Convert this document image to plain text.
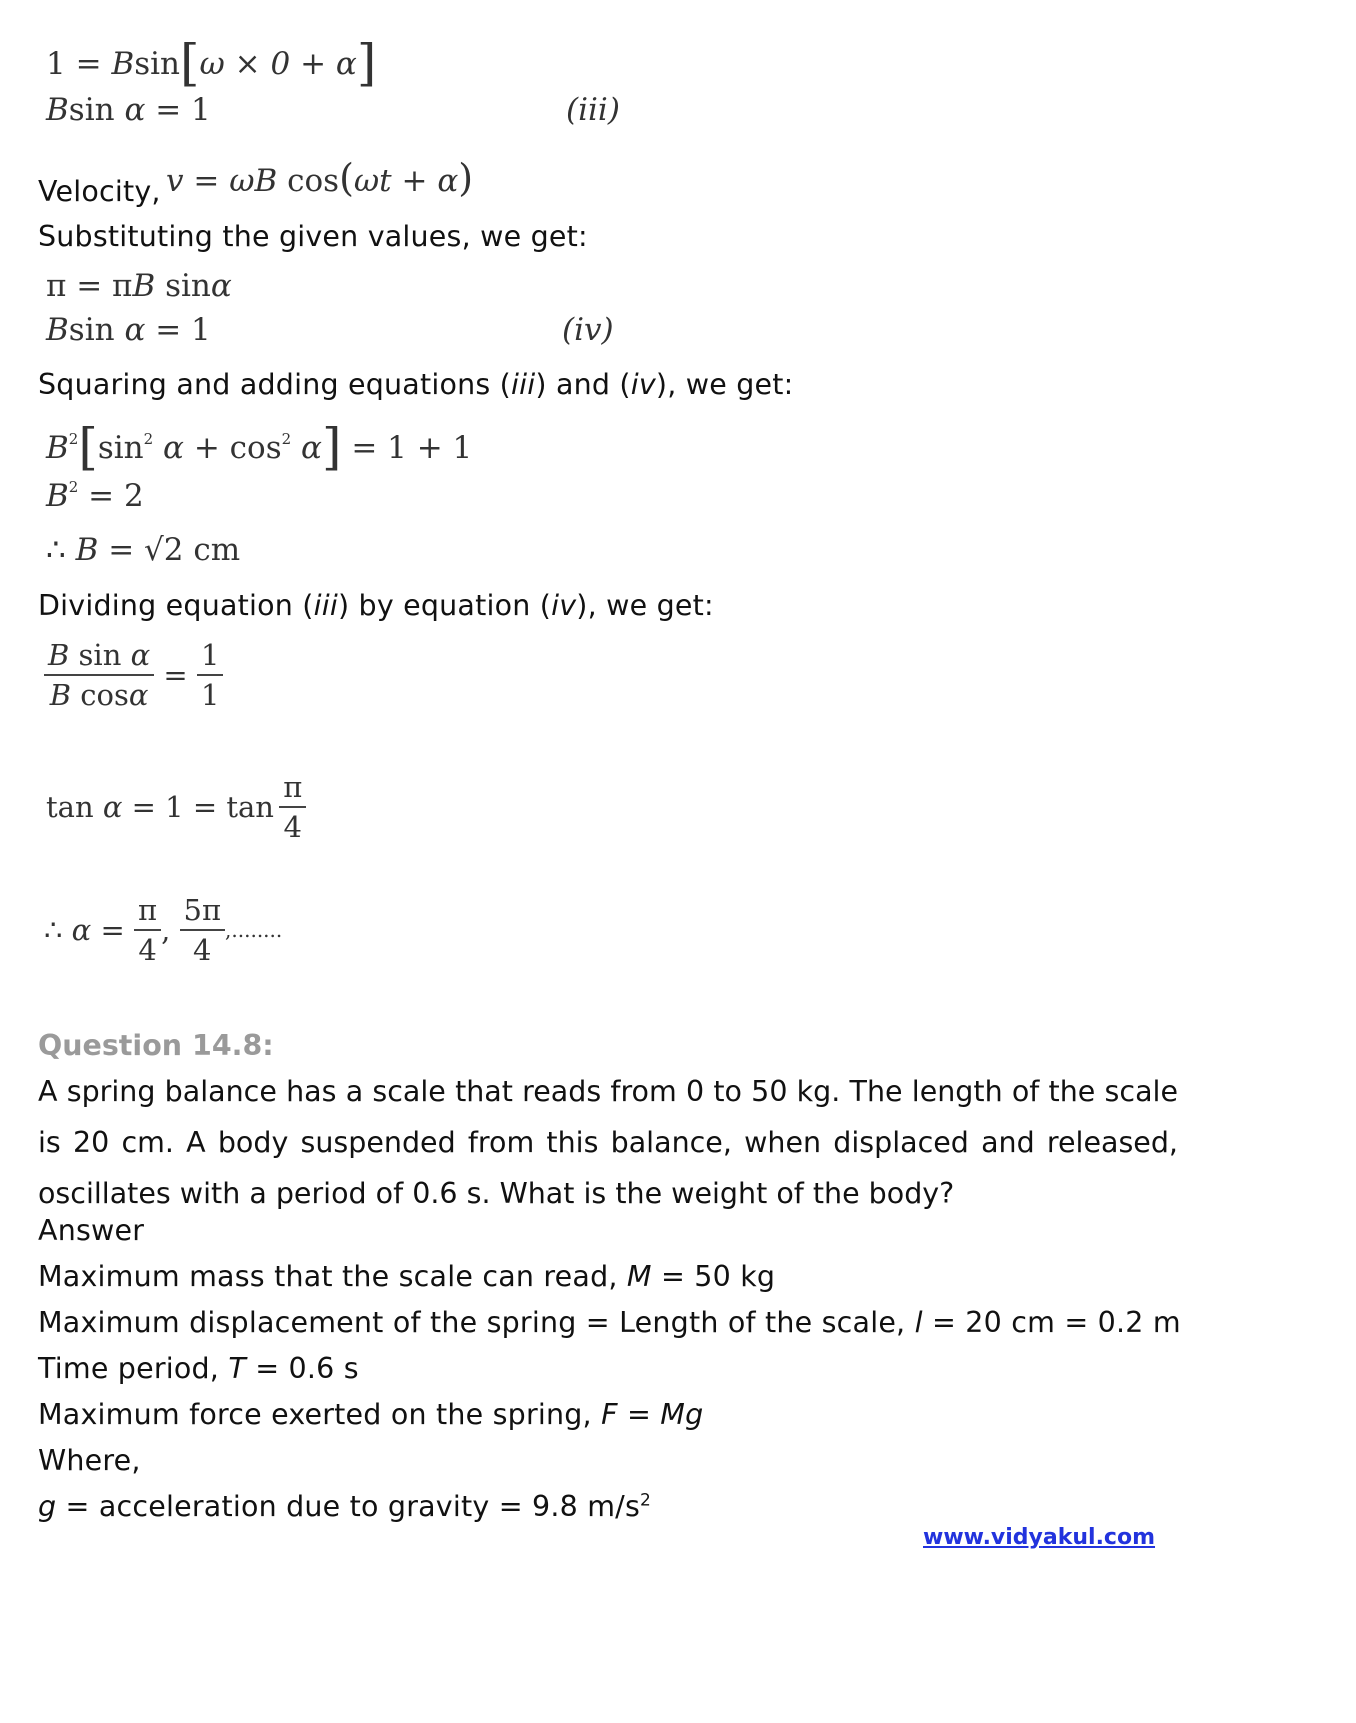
1 = Bsin[ω × 0 + α]
Bsin α = 1	(iii)
Velocity, v = ωB cos(ωt + α)
Substituting the given values, we get:
π = πB sinα
Bsin α = 1	(iv)
Squaring and adding equations (iii) and (iv), we get:
$B^2[\sin^2$ $\alpha + \cos^2 \alpha] = 1 + 1$
$B^2 = 2$
∴ B = √2 cm
Dividing equation (iii) by equation (iv), we get:
$\frac{\text{B sin α}}{\text{B cosα}} = \frac{1}{1}$
$\tan \alpha = 1 = \tan \frac{\pi}{4}$
∴ $\alpha = \frac{\pi}{4}$ , $\frac{5\pi}{4}$ ,........
Question 14.8:
A spring balance has a scale that reads from 0 to 50 kg. The length of the scale is 20 cm. A body suspended from this balance, when displaced and released, oscillates with a period of 0.6 s. What is the weight of the body?
Answer
Maximum mass that the scale can read, M = 50 kg
Maximum displacement of the spring = Length of the scale, l = 20 cm = 0.2 m
Time period, T = 0.6 s
Maximum force exerted on the spring, F = Mg
Where,
g = acceleration due to gravity = 9.8 $m/s^2$
www.vidyakul.com
